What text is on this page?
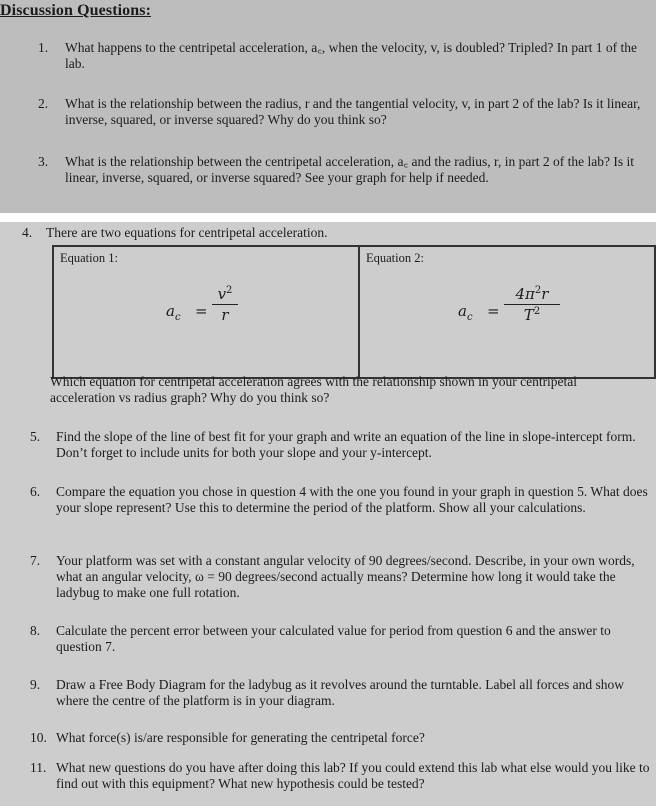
Discussion Questions:
1. What happens to the centripetal acceleration, a꜀, when the velocity, v, is doubled? Tripled? In part 1 of the lab.
2. What is the relationship between the radius, r and the tangential velocity, v, in part 2 of the lab? Is it linear, inverse, squared, or inverse squared? Why do you think so?
3. What is the relationship between the centripetal acceleration, a꜀ and the radius, r, in part 2 of the lab? Is it linear, inverse, squared, or inverse squared? See your graph for help if needed.
4. There are two equations for centripetal acceleration.
Equation 1:	Equation 2:
$a_c = \frac{v^2}{r}$	$a_c = \frac{4\pi^2r}{T^2}$
Which equation for centripetal acceleration agrees with the relationship shown in your centripetal acceleration vs radius graph? Why do you think so?
5. Find the slope of the line of best fit for your graph and write an equation of the line in slope-intercept form. Don’t forget to include units for both your slope and your y-intercept.
6. Compare the equation you chose in question 4 with the one you found in your graph in question 5. What does your slope represent? Use this to determine the period of the platform. Show all your calculations.
7. Your platform was set with a constant angular velocity of 90 degrees/second. Describe, in your own words, what an angular velocity, ω = 90 degrees/second actually means? Determine how long it would take the ladybug to make one full rotation.
8. Calculate the percent error between your calculated value for period from question 6 and the answer to question 7.
9. Draw a Free Body Diagram for the ladybug as it revolves around the turntable. Label all forces and show where the centre of the platform is in your diagram.
10. What force(s) is/are responsible for generating the centripetal force?
11. What new questions do you have after doing this lab? If you could extend this lab what else would you like to find out with this equipment? What new hypothesis could be tested?
